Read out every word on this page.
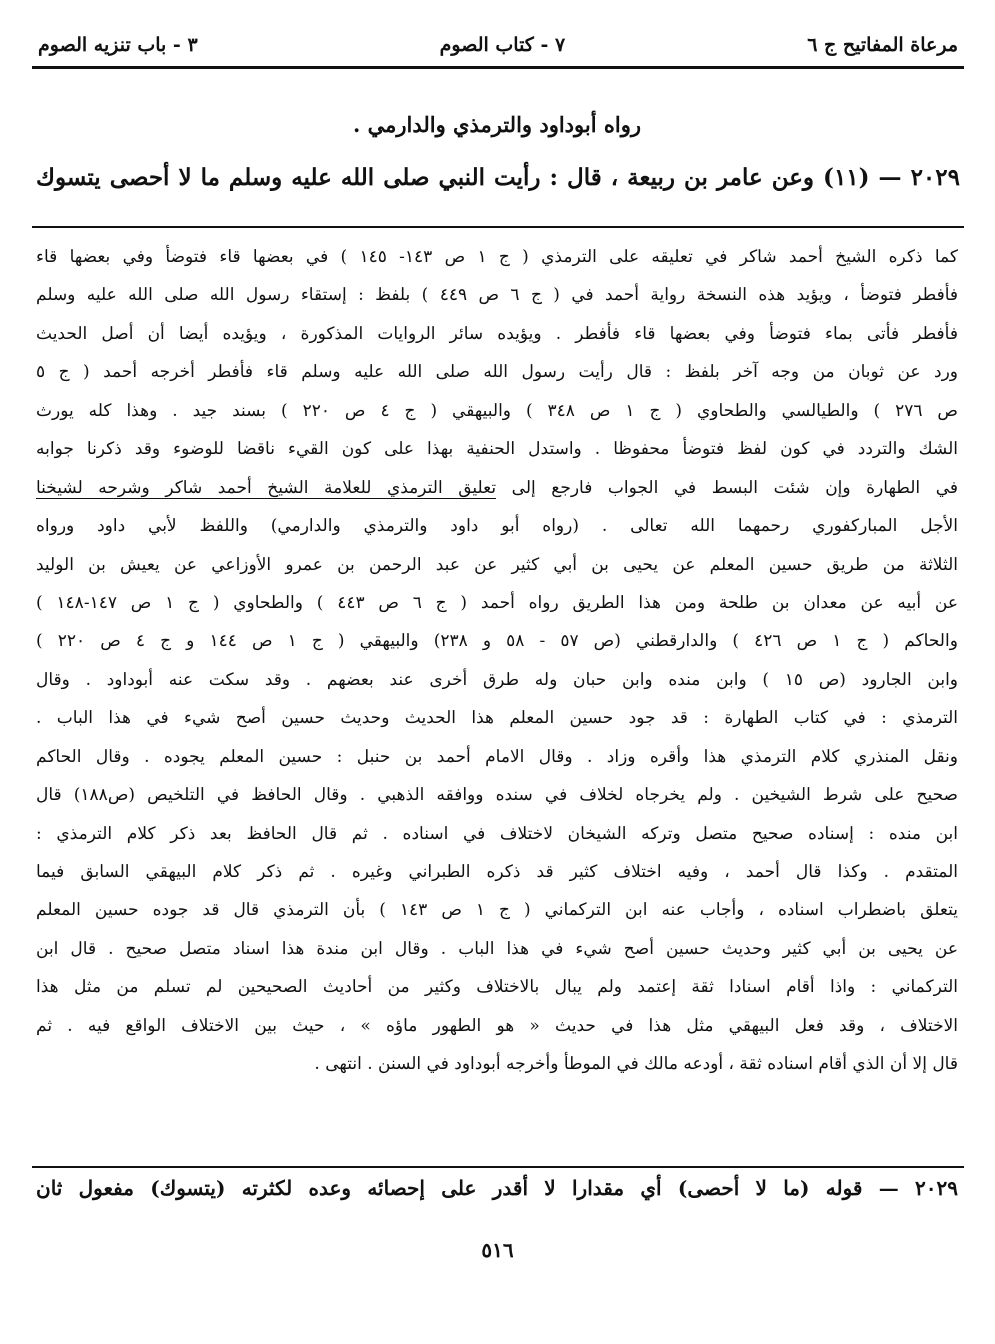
مرعاة المفاتيح ج ٦
٧ - كتاب الصوم
٣ - باب تنزيه الصوم
رواه أبوداود والترمذي والدارمي .
٢٠٢٩ — (١١) وعن عامر بن ربيعة ، قال : رأيت النبي صلى الله عليه وسلم ما لا أحصى يتسوك
كما ذكره الشيخ أحمد شاكر في تعليقه على الترمذي ( ج ١ ص ١٤٣- ١٤٥ ) في بعضها قاء فتوضأ وفي بعضها قاء
فأفطر فتوضأ ، ويؤيد هذه النسخة رواية أحمد في ( ج ٦ ص ٤٤٩ ) بلفظ : إستقاء رسول الله صلى الله عليه وسلم
فأفطر فأتى بماء فتوضأ وفي بعضها قاء فأفطر . ويؤيده سائر الروايات المذكورة ، ويؤيده أيضا أن أصل الحديث
ورد عن ثوبان من وجه آخر بلفظ : قال رأيت رسول الله صلى الله عليه وسلم قاء فأفطر أخرجه أحمد ( ج ٥
ص ٢٧٦ ) والطيالسي والطحاوي ( ج ١ ص ٣٤٨ ) والبيهقي ( ج ٤ ص ٢٢٠ ) بسند جيد . وهذا كله يورث
الشك والتردد في كون لفظ فتوضأ محفوظا . واستدل الحنفية بهذا على كون القيء ناقضا للوضوء وقد ذكرنا جوابه
في الطهارة وإن شئت البسط في الجواب فارجع إلى تعليق الترمذي للعلامة الشيخ أحمد شاكر وشرحه لشيخنا
الأجل المباركفوري رحمهما الله تعالى . (رواه أبو داود والترمذي والدارمي) واللفظ لأبي داود ورواه
الثلاثة من طريق حسين المعلم عن يحيى بن أبي كثير عن عبد الرحمن بن عمرو الأوزاعي عن يعيش بن الوليد
عن أبيه عن معدان بن طلحة ومن هذا الطريق رواه أحمد ( ج ٦ ص ٤٤٣ ) والطحاوي ( ج ١ ص ١٤٧-١٤٨ )
والحاكم ( ج ١ ص ٤٢٦ ) والدارقطني (ص ٥٧ - ٥٨ و ٢٣٨) والبيهقي ( ج ١ ص ١٤٤ و ج ٤ ص ٢٢٠ )
وابن الجارود (ص ١٥ ) وابن منده وابن حبان وله طرق أخرى عند بعضهم . وقد سكت عنه أبوداود . وقال
الترمذي : في كتاب الطهارة : قد جود حسين المعلم هذا الحديث وحديث حسين أصح شيء في هذا الباب .
ونقل المنذري كلام الترمذي هذا وأقره وزاد . وقال الامام أحمد بن حنبل : حسين المعلم يجوده . وقال الحاكم
صحيح على شرط الشيخين . ولم يخرجاه لخلاف في سنده ووافقه الذهبي . وقال الحافظ في التلخيص (ص١٨٨) قال
ابن منده : إسناده صحيح متصل وتركه الشيخان لاختلاف في اسناده . ثم قال الحافظ بعد ذكر كلام الترمذي :
المتقدم . وكذا قال أحمد ، وفيه اختلاف كثير قد ذكره الطبراني وغيره . ثم ذكر كلام البيهقي السابق فيما
يتعلق باضطراب اسناده ، وأجاب عنه ابن التركماني ( ج ١ ص ١٤٣ ) بأن الترمذي قال قد جوده حسين المعلم
عن يحيى بن أبي كثير وحديث حسين أصح شيء في هذا الباب . وقال ابن مندة هذا اسناد متصل صحيح . قال ابن
التركماني : واذا أقام اسنادا ثقة إعتمد ولم يبال بالاختلاف وكثير من أحاديث الصحيحين لم تسلم من مثل هذا
الاختلاف ، وقد فعل البيهقي مثل هذا في حديث « هو الطهور ماؤه » ، حيث بين الاختلاف الواقع فيه . ثم
قال إلا أن الذي أقام اسناده ثقة ، أودعه مالك في الموطأ وأخرجه أبوداود في السنن . انتهى .
٢٠٢٩ — قوله (ما لا أحصى) أي مقدارا لا أقدر على إحصائه وعده لكثرته (يتسوك) مفعول ثان
٥١٦
